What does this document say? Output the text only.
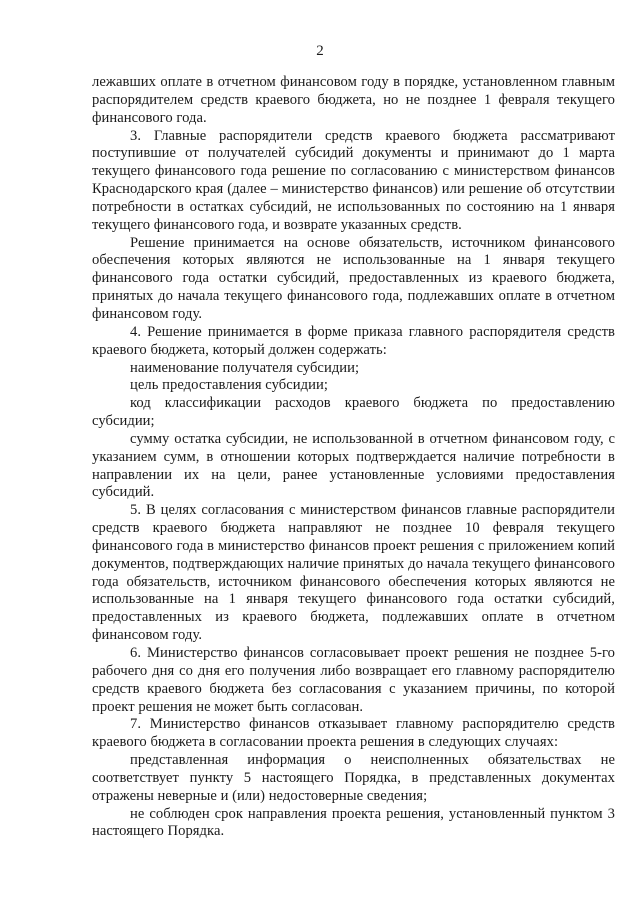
2

лежавших оплате в отчетном финансовом году в порядке, установленном главным распорядителем средств краевого бюджета, но не позднее 1 февраля текущего финансового года.

3. Главные распорядители средств краевого бюджета рассматривают поступившие от получателей субсидий документы и принимают до 1 марта текущего финансового года решение по согласованию с министерством финансов Краснодарского края (далее – министерство финансов) или решение об отсутствии потребности в остатках субсидий, не использованных по состоянию на 1 января текущего финансового года, и возврате указанных средств.

Решение принимается на основе обязательств, источником финансового обеспечения которых являются не использованные на 1 января текущего финансового года остатки субсидий, предоставленных из краевого бюджета, принятых до начала текущего финансового года, подлежавших оплате в отчетном финансовом году.

4. Решение принимается в форме приказа главного распорядителя средств краевого бюджета, который должен содержать:

наименование получателя субсидии;

цель предоставления субсидии;

код классификации расходов краевого бюджета по предоставлению субсидии;

сумму остатка субсидии, не использованной в отчетном финансовом году, с указанием сумм, в отношении которых подтверждается наличие потребности в направлении их на цели, ранее установленные условиями предоставления субсидий.

5. В целях согласования с министерством финансов главные распорядители средств краевого бюджета направляют не позднее 10 февраля текущего финансового года в министерство финансов проект решения с приложением копий документов, подтверждающих наличие принятых до начала текущего финансового года обязательств, источником финансового обеспечения которых являются не использованные на 1 января текущего финансового года остатки субсидий, предоставленных из краевого бюджета, подлежавших оплате в отчетном финансовом году.

6. Министерство финансов согласовывает проект решения не позднее 5-го рабочего дня со дня его получения либо возвращает его главному распорядителю средств краевого бюджета без согласования с указанием причины, по которой проект решения не может быть согласован.

7. Министерство финансов отказывает главному распорядителю средств краевого бюджета в согласовании проекта решения в следующих случаях:

представленная информация о неисполненных обязательствах не соответствует пункту 5 настоящего Порядка, в представленных документах отражены неверные и (или) недостоверные сведения;

не соблюден срок направления проекта решения, установленный пунктом 3 настоящего Порядка.
